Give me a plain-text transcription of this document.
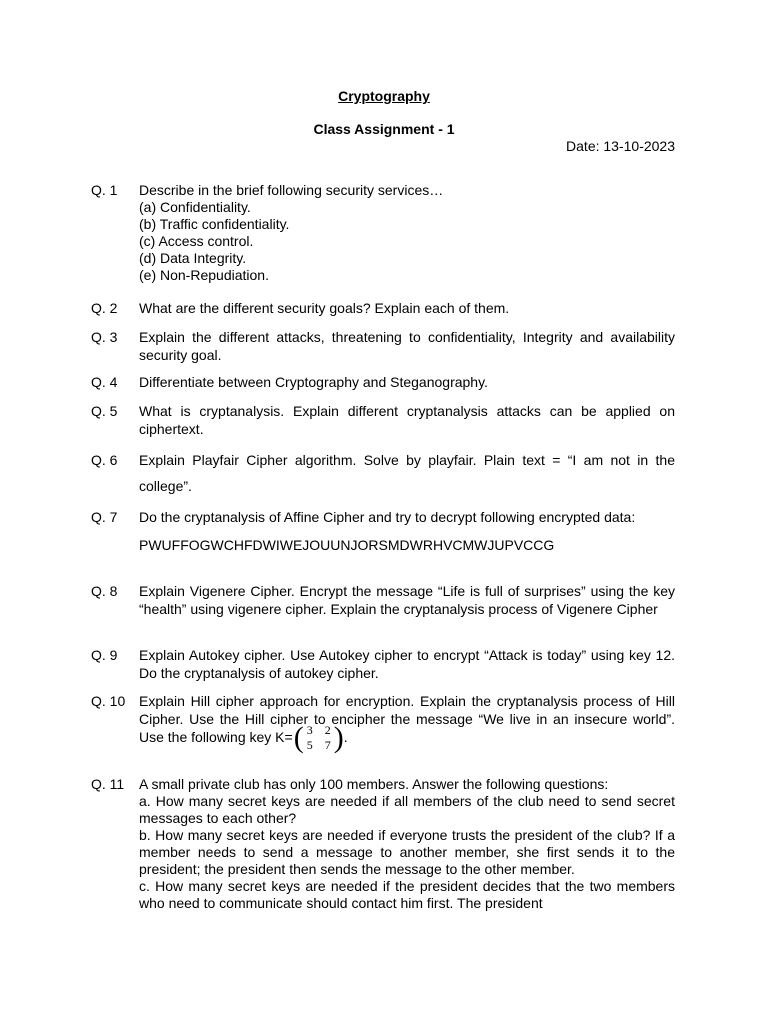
Cryptography
Class Assignment - 1
Date: 13-10-2023
Q. 1	Describe in the brief following security services…
(a) Confidentiality.
(b) Traffic confidentiality.
(c) Access control.
(d) Data Integrity.
(e) Non-Repudiation.
Q. 2	What are the different security goals? Explain each of them.
Q. 3	Explain the different attacks, threatening to confidentiality, Integrity and availability security goal.
Q. 4	Differentiate between Cryptography and Steganography.
Q. 5	What is cryptanalysis. Explain different cryptanalysis attacks can be applied on ciphertext.
Q. 6	Explain Playfair Cipher algorithm. Solve by playfair. Plain text = “I am not in the college”.
Q. 7	Do the cryptanalysis of Affine Cipher and try to decrypt following encrypted data:
PWUFFOGWCHFDWIWEJOUUNJORSMDWRHVCMWJUPVCCG
Q. 8	Explain Vigenere Cipher. Encrypt the message “Life is full of surprises” using the key “health” using vigenere cipher. Explain the cryptanalysis process of Vigenere Cipher
Q. 9	Explain Autokey cipher. Use Autokey cipher to encrypt “Attack is today” using key 12. Do the cryptanalysis of autokey cipher.
Q. 10 Explain Hill cipher approach for encryption. Explain the cryptanalysis process of Hill Cipher. Use the Hill cipher to encipher the message “We live in an insecure world”. Use the following key K= ( 3 2
5 7 ) .
Q. 11	A small private club has only 100 members. Answer the following questions:
a. How many secret keys are needed if all members of the club need to send secret messages to each other?
b. How many secret keys are needed if everyone trusts the president of the club? If a member needs to send a message to another member, she first sends it to the president; the president then sends the message to the other member.
c. How many secret keys are needed if the president decides that the two members who need to communicate should contact him first. The president
